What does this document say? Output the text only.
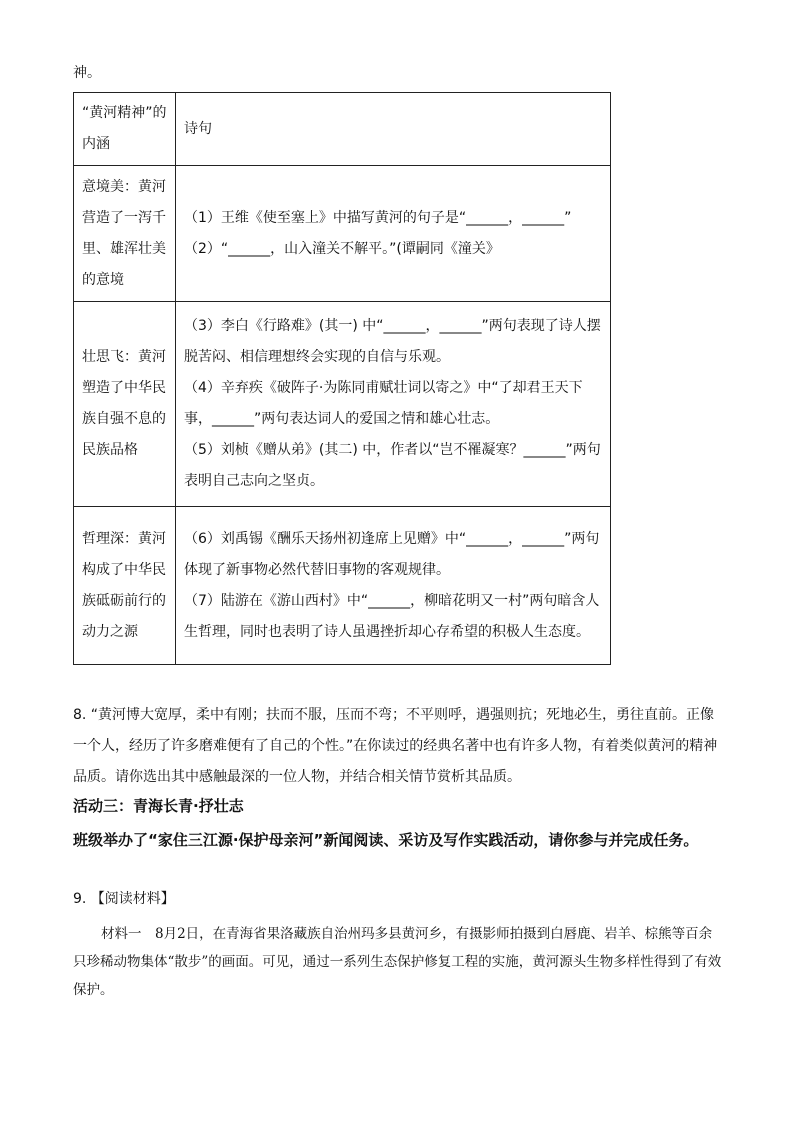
神。
“黄河精神”的内涵	诗句
意境美：黄河营造了一泻千里、雄浑壮美的意境	（1）王维《使至塞上》中描写黄河的句子是“______，______”

（2）“______，山入潼关不解平。”(谭嗣同《潼关》

壮思飞：黄河塑造了中华民族自强不息的民族品格	（3）李白《行路难》(其一) 中“______，______”两句表现了诗人摆脱苦闷、相信理想终会实现的自信与乐观。

（4）辛弃疾《破阵子·为陈同甫赋壮词以寄之》中“了却君王天下事，______”两句表达词人的爱国之情和雄心壮志。

（5）刘桢《赠从弟》(其二) 中，作者以“岂不罹凝寒？______”两句表明自己志向之坚贞。

哲理深：黄河构成了中华民族砥砺前行的动力之源	（6）刘禹锡《酬乐天扬州初逢席上见赠》中“______，______”两句体现了新事物必然代替旧事物的客观规律。

（7）陆游在《游山西村》中“______，柳暗花明又一村”两句暗含人生哲理，同时也表明了诗人虽遇挫折却心存希望的积极人生态度。

8. “黄河博大宽厚，柔中有刚；扶而不服，压而不弯；不平则呼，遇强则抗；死地必生，勇往直前。正像一个人，经历了许多磨难便有了自己的个性。”在你读过的经典名著中也有许多人物，有着类似黄河的精神品质。请你选出其中感触最深的一位人物，并结合相关情节赏析其品质。
活动三：青海长青·抒壮志
班级举办了“家住三江源·保护母亲河”新闻阅读、采访及写作实践活动，请你参与并完成任务。
9. 【阅读材料】
材料一　8月2日，在青海省果洛藏族自治州玛多县黄河乡，有摄影师拍摄到白唇鹿、岩羊、棕熊等百余只珍稀动物集体“散步”的画面。可见，通过一系列生态保护修复工程的实施，黄河源头生物多样性得到了有效保护。
